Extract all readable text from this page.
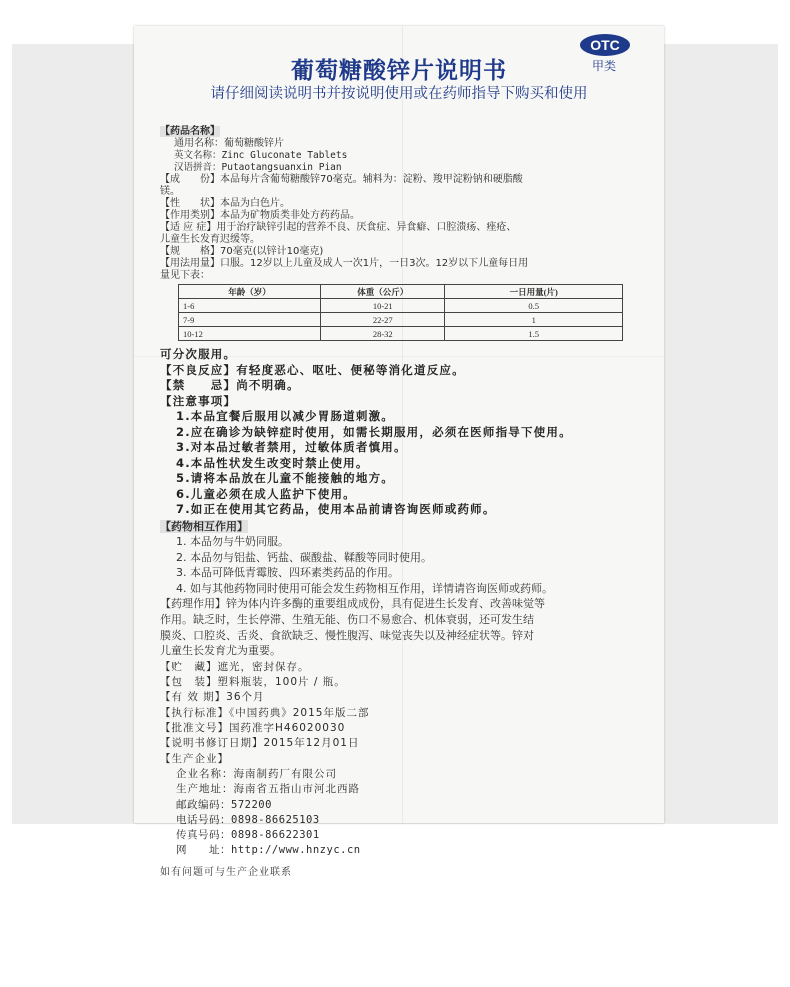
OTC
甲类
葡萄糖酸锌片说明书
请仔细阅读说明书并按说明使用或在药师指导下购买和使用
【药品名称】
通用名称：葡萄糖酸锌片
英文名称：Zinc Gluconate Tablets
汉语拼音：Putaotangsuanxin Pian
【成　　份】本品每片含葡萄糖酸锌70毫克。辅料为：淀粉、羧甲淀粉钠和硬脂酸
镁。
【性　　状】本品为白色片。
【作用类别】本品为矿物质类非处方药药品。
【适 应 症】用于治疗缺锌引起的营养不良、厌食症、异食癖、口腔溃疡、痤疮、
儿童生长发育迟缓等。
【规　　格】70毫克(以锌计10毫克)
【用法用量】口服。12岁以上儿童及成人一次1片，一日3次。12岁以下儿童每日用
量见下表：
年龄（岁）	体重（公斤）	一日用量(片)
1-6	10-21	0.5
7-9	22-27	1
10-12	28-32	1.5
可分次服用。
【不良反应】有轻度恶心、呕吐、便秘等消化道反应。
【禁　　忌】尚不明确。
【注意事项】
1.本品宜餐后服用以减少胃肠道刺激。
2.应在确诊为缺锌症时使用，如需长期服用，必须在医师指导下使用。
3.对本品过敏者禁用，过敏体质者慎用。
4.本品性状发生改变时禁止使用。
5.请将本品放在儿童不能接触的地方。
6.儿童必须在成人监护下使用。
7.如正在使用其它药品，使用本品前请咨询医师或药师。
【药物相互作用】
1. 本品勿与牛奶同服。
2. 本品勿与铝盐、钙盐、碳酸盐、鞣酸等同时使用。
3. 本品可降低青霉胺、四环素类药品的作用。
4. 如与其他药物同时使用可能会发生药物相互作用，详情请咨询医师或药师。
【药理作用】锌为体内许多酶的重要组成成份，具有促进生长发育、改善味觉等
作用。缺乏时，生长停滞、生殖无能、伤口不易愈合、机体衰弱，还可发生结
膜炎、口腔炎、舌炎、食欲缺乏、慢性腹泻、味觉丧失以及神经症状等。锌对
儿童生长发育尤为重要。
【贮　藏】遮光，密封保存。
【包　装】塑料瓶装，100片 / 瓶。
【有 效 期】36个月
【执行标准】《中国药典》2015年版二部
【批准文号】国药准字H46020030
【说明书修订日期】2015年12月01日
【生产企业】
企业名称：海南制药厂有限公司
生产地址：海南省五指山市河北西路
邮政编码：572200
电话号码：0898-86625103
传真号码：0898-86622301
网　　址：http://www.hnzyc.cn
如有问题可与生产企业联系
